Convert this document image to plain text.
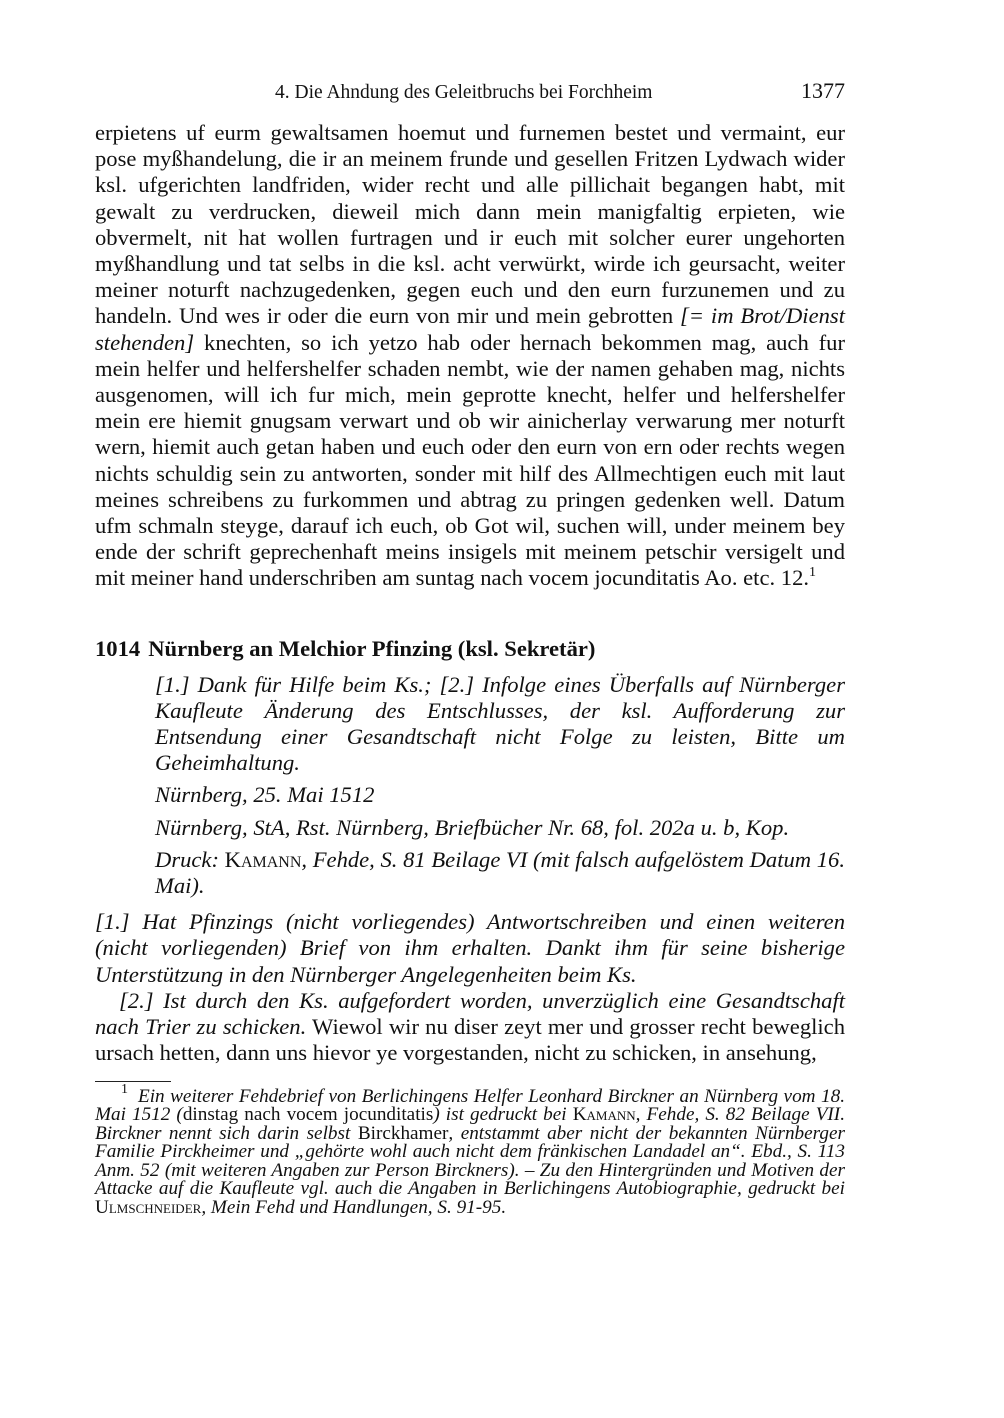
4. Die Ahndung des Geleitbruchs bei Forchheim	1377

erpietens uf eurm gewaltsamen hoemut und furnemen bestet und vermaint, eur pose myßhandelung, die ir an meinem frunde und gesellen Fritzen Lydwach wider ksl. ufgerichten landfriden, wider recht und alle pillichait begangen habt, mit gewalt zu verdrucken, dieweil mich dann mein manigfaltig erpieten, wie obvermelt, nit hat wollen furtragen und ir euch mit solcher eurer ungehorten myßhandlung und tat selbs in die ksl. acht verwürkt, wirde ich geursacht, weiter meiner noturft nachzugedenken, gegen euch und den eurn furzunemen und zu handeln. Und wes ir oder die eurn von mir und mein gebrotten [= im Brot/Dienst stehenden] knechten, so ich yetzo hab oder hernach bekommen mag, auch fur mein helfer und helfershelfer schaden nembt, wie der namen gehaben mag, nichts ausgenomen, will ich fur mich, mein geprotte knecht, helfer und helfershelfer mein ere hiemit gnugsam verwart und ob wir ainicherlay verwarung mer noturft wern, hiemit auch getan haben und euch oder den eurn von ern oder rechts wegen nichts schuldig sein zu antworten, sonder mit hilf des Allmechtigen euch mit laut meines schreibens zu furkommen und abtrag zu pringen gedenken well. Datum ufm schmaln steyge, darauf ich euch, ob Got wil, suchen will, under meinem bey ende der schrift geprechenhaft meins insigels mit meinem petschir versigelt und mit meiner hand underschriben am suntag nach vocem jocunditatis Ao. etc. 12.$^1$

1014 Nürnberg an Melchior Pfinzing (ksl. Sekretär)

[1.] Dank für Hilfe beim Ks.; [2.] Infolge eines Überfalls auf Nürnberger Kaufleute Änderung des Entschlusses, der ksl. Aufforderung zur Entsendung einer Gesandtschaft nicht Folge zu leisten, Bitte um Geheimhaltung.

Nürnberg, 25. Mai 1512

Nürnberg, StA, Rst. Nürnberg, Briefbücher Nr. 68, fol. 202a u. b, Kop.

Druck: Kamann, Fehde, S. 81 Beilage VI (mit falsch aufgelöstem Datum 16. Mai).

[1.] Hat Pfinzings (nicht vorliegendes) Antwortschreiben und einen weiteren (nicht vorliegenden) Brief von ihm erhalten. Dankt ihm für seine bisherige Unterstützung in den Nürnberger Angelegenheiten beim Ks.

[2.] Ist durch den Ks. aufgefordert worden, unverzüglich eine Gesandtschaft nach Trier zu schicken. Wiewol wir nu diser zeyt mer und grosser recht beweglich ursach hetten, dann uns hievor ye vorgestanden, nicht zu schicken, in ansehung,

$^1$ Ein weiterer Fehdebrief von Berlichingens Helfer Leonhard Birckner an Nürnberg vom 18. Mai 1512 (dinstag nach vocem jocunditatis) ist gedruckt bei Kamann, Fehde, S. 82 Beilage VII. Birckner nennt sich darin selbst Birckhamer, entstammt aber nicht der bekannten Nürnberger Familie Pirckheimer und „gehörte wohl auch nicht dem fränkischen Landadel an“. Ebd., S. 113 Anm. 52 (mit weiteren Angaben zur Person Birckners). – Zu den Hintergründen und Motiven der Attacke auf die Kaufleute vgl. auch die Angaben in Berlichingens Autobiographie, gedruckt bei Ulmschneider, Mein Fehd und Handlungen, S. 91-95.
